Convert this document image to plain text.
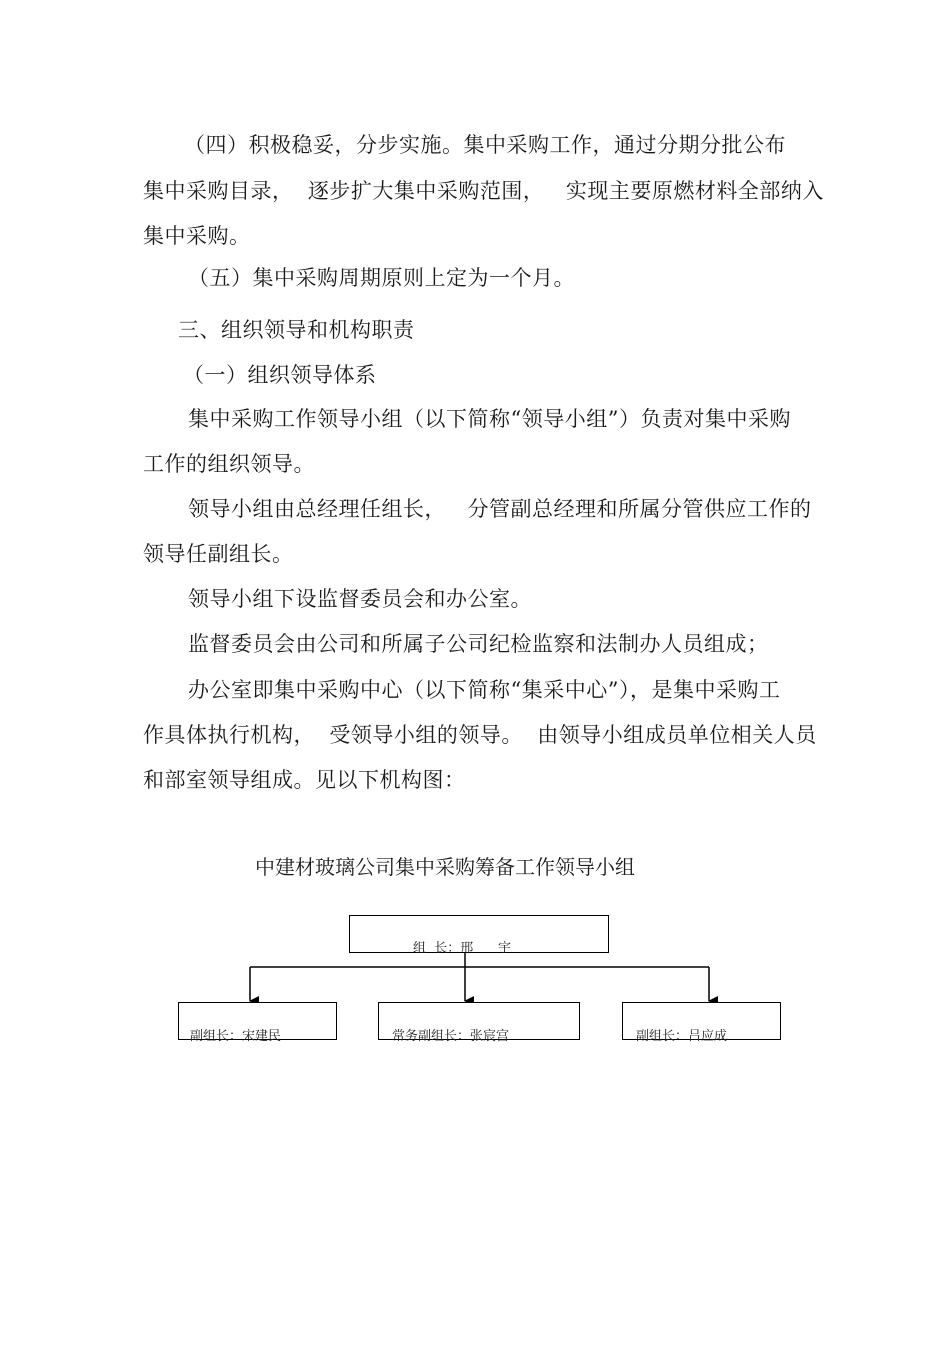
（四）积极稳妥，分步实施。集中采购工作，通过分期分批公布
集中采购目录，  逐步扩大集中采购范围，   实现主要原燃材料全部纳入
集中采购。
（五）集中采购周期原则上定为一个月。
三、组织领导和机构职责
（一）组织领导体系
集中采购工作领导小组（以下简称“领导小组”）负责对集中采购
工作的组织领导。
领导小组由总经理任组长，   分管副总经理和所属分管供应工作的
领导任副组长。
领导小组下设监督委员会和办公室。
监督委员会由公司和所属子公司纪检监察和法制办人员组成；
办公室即集中采购中心（以下简称“集采中心”），是集中采购工
作具体执行机构，  受领导小组的领导。  由领导小组成员单位相关人员
和部室领导组成。见以下机构图：
中建材玻璃公司集中采购筹备工作领导小组
组  长：邢      宇
副组长：宋建民	常务副组长：张宸宫	副组长：吕应成
